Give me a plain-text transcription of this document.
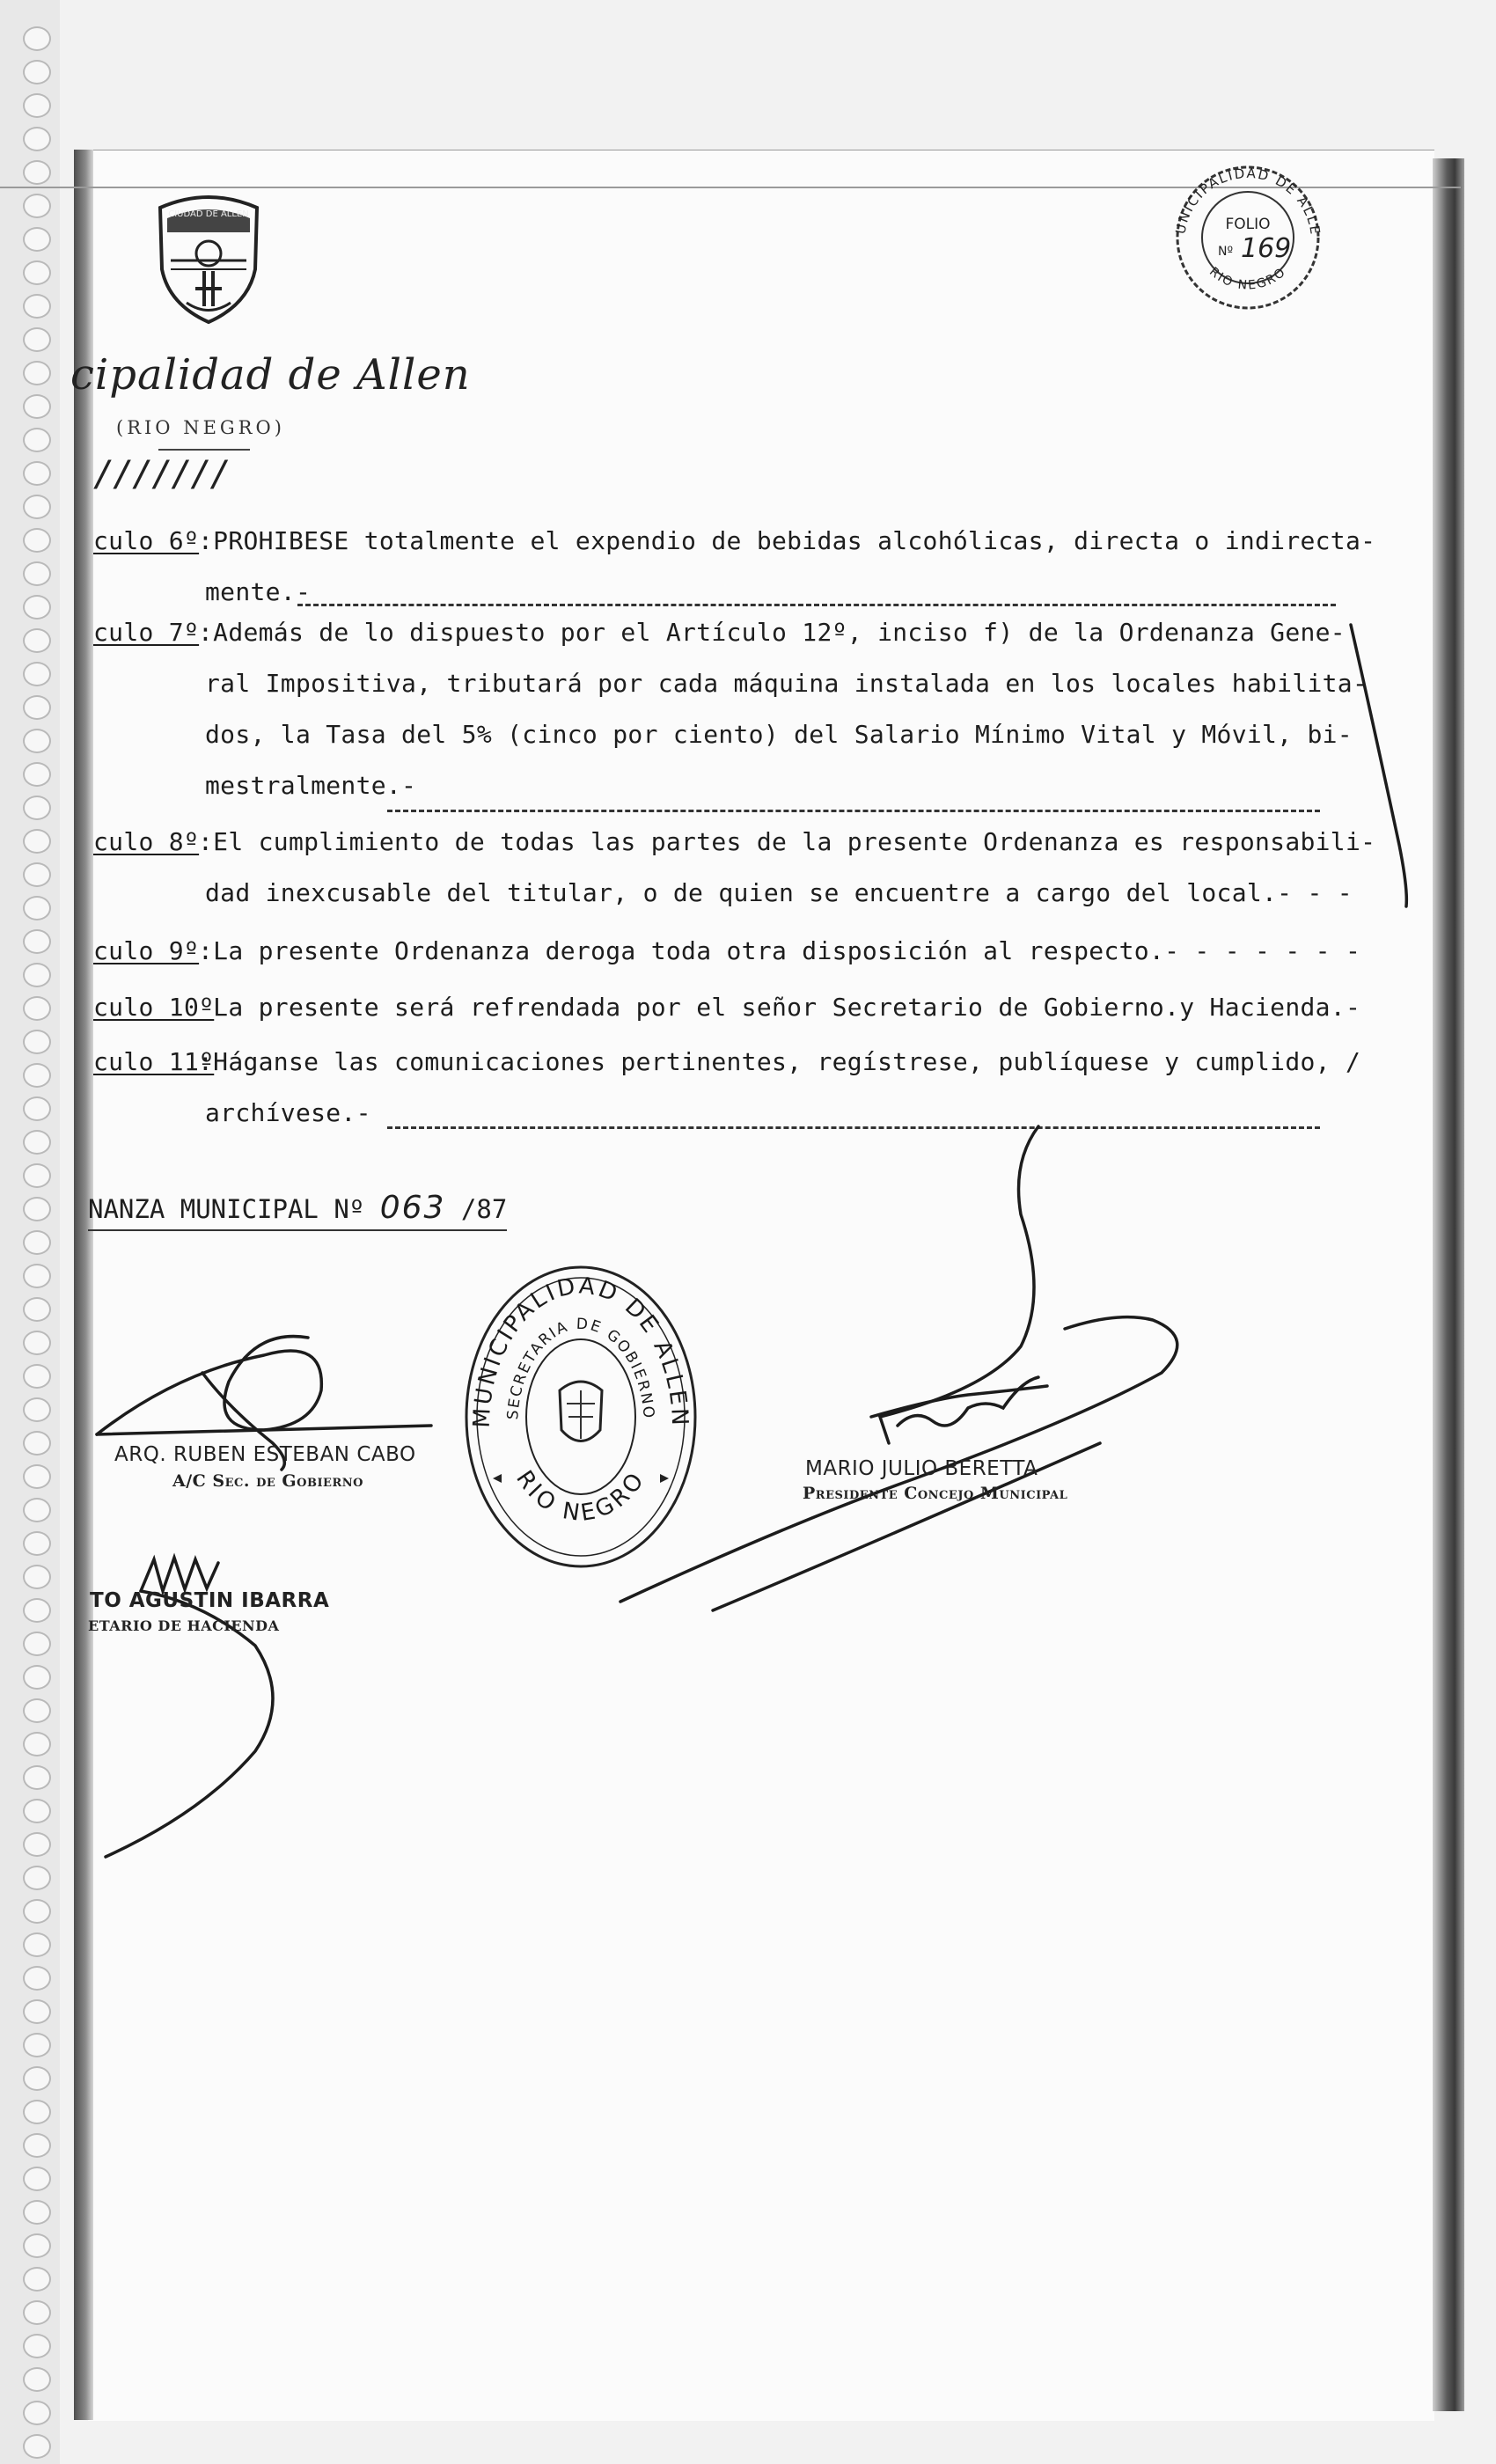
CIUDAD DE ALLEN
cipalidad de Allen
(RIO NEGRO)
///////
UNICIPALIDAD DE ALLE
RIO NEGRO
FOLIO
Nº 169
culo 6º
:PROHIBESE totalmente el expendio de bebidas alcohólicas, directa o indirecta-
mente.-
culo 7º
:Además de lo dispuesto por el Artículo 12º, inciso f) de la Ordenanza Gene-
ral Impositiva, tributará por cada máquina instalada en los locales habilita-
dos, la Tasa del 5% (cinco por ciento) del Salario Mínimo Vital y Móvil, bi-
mestralmente.-
culo 8º
:El cumplimiento de todas las partes de la presente Ordenanza es responsabili-
dad inexcusable del titular, o de quien se encuentre a cargo del local.- - -
culo 9º
:La presente Ordenanza deroga toda otra disposición al respecto.- - - - - - -
culo 10º
La presente será refrendada por el señor Secretario de Gobierno.y Hacienda.-
culo 11º
:Háganse las comunicaciones pertinentes, regístrese, publíquese y cumplido, /
archívese.-
NANZA MUNICIPAL Nº 063 /87
MUNICIPALIDAD DE ALLEN
SECRETARIA DE GOBIERNO
RIO NEGRO
ARQ. RUBEN ESTEBAN CABO
A/C Sec. de Gobierno
MARIO JULIO BERETTA
Presidente Concejo Municipal
TO AGUSTIN IBARRA
ETARIO DE HACIENDA
